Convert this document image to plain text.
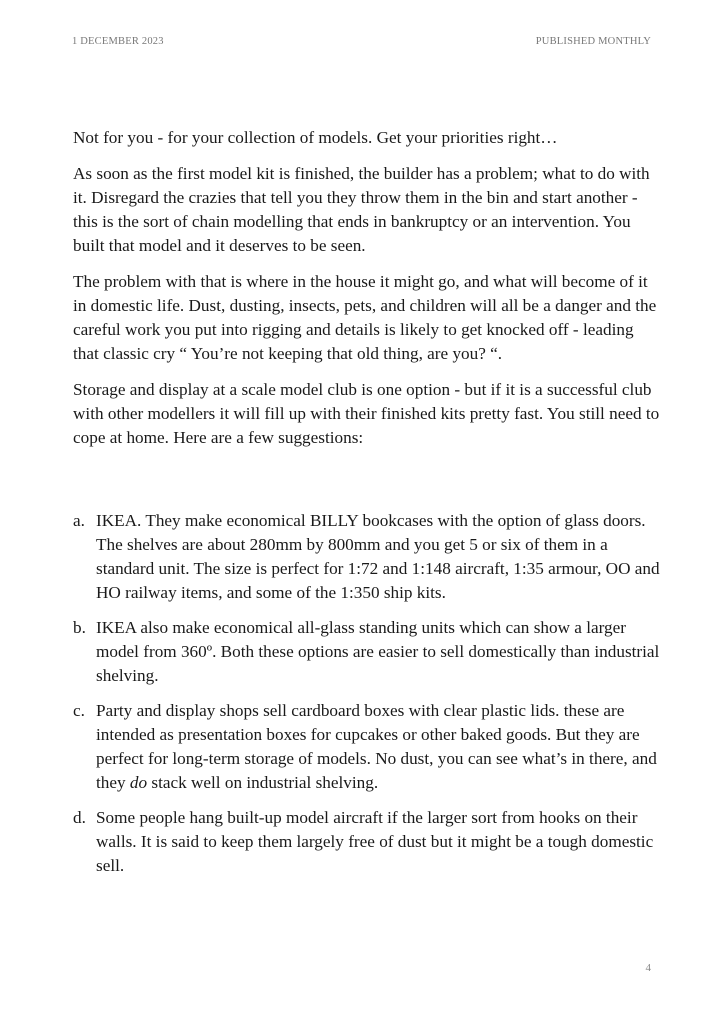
1 DECEMBER 2023	PUBLISHED MONTHLY

Not for you - for your collection of models. Get your priorities right…

As soon as the first model kit is finished, the builder has a problem; what to do with it. Disregard the crazies that tell you they throw them in the bin and start another - this is the sort of chain modelling that ends in bankruptcy or an intervention. You built that model and it deserves to be seen.

The problem with that is where in the house it might go, and what will become of it in domestic life. Dust, dusting, insects, pets, and children will all be a danger and the careful work you put into rigging and details is likely to get knocked off - leading that classic cry “ You’re not keeping that old thing, are you? “.

Storage and display at a scale model club is one option - but if it is a successful club with other modellers it will fill up with their finished kits pretty fast. You still need to cope at home. Here are a few suggestions:

a. IKEA. They make economical BILLY bookcases with the option of glass doors. The shelves are about 280mm by 800mm and you get 5 or six of them in a standard unit. The size is perfect for 1:72 and 1:148 aircraft, 1:35 armour, OO and HO railway items, and some of the 1:350 ship kits.
b. IKEA also make economical all-glass standing units which can show a larger model from 360º. Both these options are easier to sell domestically than industrial shelving.
c. Party and display shops sell cardboard boxes with clear plastic lids. these are intended as presentation boxes for cupcakes or other baked goods. But they are perfect for long-term storage of models. No dust, you can see what’s in there, and they do stack well on industrial shelving.
d. Some people hang built-up model aircraft if the larger sort from hooks on their walls. It is said to keep them largely free of dust but it might be a tough domestic sell.
4
